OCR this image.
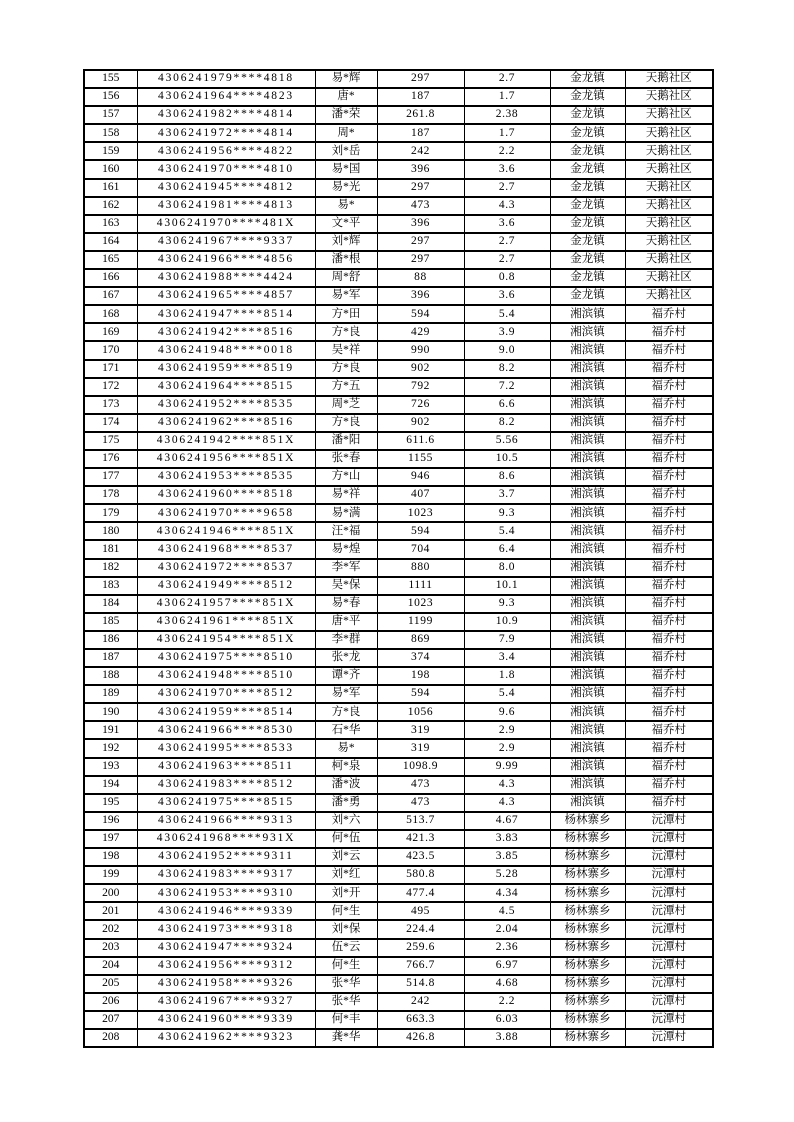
155	4306241979****4818	易*辉	297	2.7	金龙镇	天鹅社区
156	4306241964****4823	唐*	187	1.7	金龙镇	天鹅社区
157	4306241982****4814	潘*荣	261.8	2.38	金龙镇	天鹅社区
158	4306241972****4814	周*	187	1.7	金龙镇	天鹅社区
159	4306241956****4822	刘*岳	242	2.2	金龙镇	天鹅社区
160	4306241970****4810	易*国	396	3.6	金龙镇	天鹅社区
161	4306241945****4812	易*光	297	2.7	金龙镇	天鹅社区
162	4306241981****4813	易*	473	4.3	金龙镇	天鹅社区
163	4306241970****481X	文*平	396	3.6	金龙镇	天鹅社区
164	4306241967****9337	刘*辉	297	2.7	金龙镇	天鹅社区
165	4306241966****4856	潘*根	297	2.7	金龙镇	天鹅社区
166	4306241988****4424	周*舒	88	0.8	金龙镇	天鹅社区
167	4306241965****4857	易*军	396	3.6	金龙镇	天鹅社区
168	4306241947****8514	方*田	594	5.4	湘滨镇	福乔村
169	4306241942****8516	方*良	429	3.9	湘滨镇	福乔村
170	4306241948****0018	吴*祥	990	9.0	湘滨镇	福乔村
171	4306241959****8519	方*良	902	8.2	湘滨镇	福乔村
172	4306241964****8515	方*五	792	7.2	湘滨镇	福乔村
173	4306241952****8535	周*芝	726	6.6	湘滨镇	福乔村
174	4306241962****8516	方*良	902	8.2	湘滨镇	福乔村
175	4306241942****851X	潘*阳	611.6	5.56	湘滨镇	福乔村
176	4306241956****851X	张*春	1155	10.5	湘滨镇	福乔村
177	4306241953****8535	方*山	946	8.6	湘滨镇	福乔村
178	4306241960****8518	易*祥	407	3.7	湘滨镇	福乔村
179	4306241970****9658	易*满	1023	9.3	湘滨镇	福乔村
180	4306241946****851X	汪*福	594	5.4	湘滨镇	福乔村
181	4306241968****8537	易*煌	704	6.4	湘滨镇	福乔村
182	4306241972****8537	李*军	880	8.0	湘滨镇	福乔村
183	4306241949****8512	吴*保	1111	10.1	湘滨镇	福乔村
184	4306241957****851X	易*春	1023	9.3	湘滨镇	福乔村
185	4306241961****851X	唐*平	1199	10.9	湘滨镇	福乔村
186	4306241954****851X	李*群	869	7.9	湘滨镇	福乔村
187	4306241975****8510	张*龙	374	3.4	湘滨镇	福乔村
188	4306241948****8510	谭*齐	198	1.8	湘滨镇	福乔村
189	4306241970****8512	易*军	594	5.4	湘滨镇	福乔村
190	4306241959****8514	方*良	1056	9.6	湘滨镇	福乔村
191	4306241966****8530	石*华	319	2.9	湘滨镇	福乔村
192	4306241995****8533	易*	319	2.9	湘滨镇	福乔村
193	4306241963****8511	柯*泉	1098.9	9.99	湘滨镇	福乔村
194	4306241983****8512	潘*波	473	4.3	湘滨镇	福乔村
195	4306241975****8515	潘*勇	473	4.3	湘滨镇	福乔村
196	4306241966****9313	刘*六	513.7	4.67	杨林寨乡	沅潭村
197	4306241968****931X	何*伍	421.3	3.83	杨林寨乡	沅潭村
198	4306241952****9311	刘*云	423.5	3.85	杨林寨乡	沅潭村
199	4306241983****9317	刘*红	580.8	5.28	杨林寨乡	沅潭村
200	4306241953****9310	刘*开	477.4	4.34	杨林寨乡	沅潭村
201	4306241946****9339	何*生	495	4.5	杨林寨乡	沅潭村
202	4306241973****9318	刘*保	224.4	2.04	杨林寨乡	沅潭村
203	4306241947****9324	伍*云	259.6	2.36	杨林寨乡	沅潭村
204	4306241956****9312	何*生	766.7	6.97	杨林寨乡	沅潭村
205	4306241958****9326	张*华	514.8	4.68	杨林寨乡	沅潭村
206	4306241967****9327	张*华	242	2.2	杨林寨乡	沅潭村
207	4306241960****9339	何*丰	663.3	6.03	杨林寨乡	沅潭村
208	4306241962****9323	龚*华	426.8	3.88	杨林寨乡	沅潭村
